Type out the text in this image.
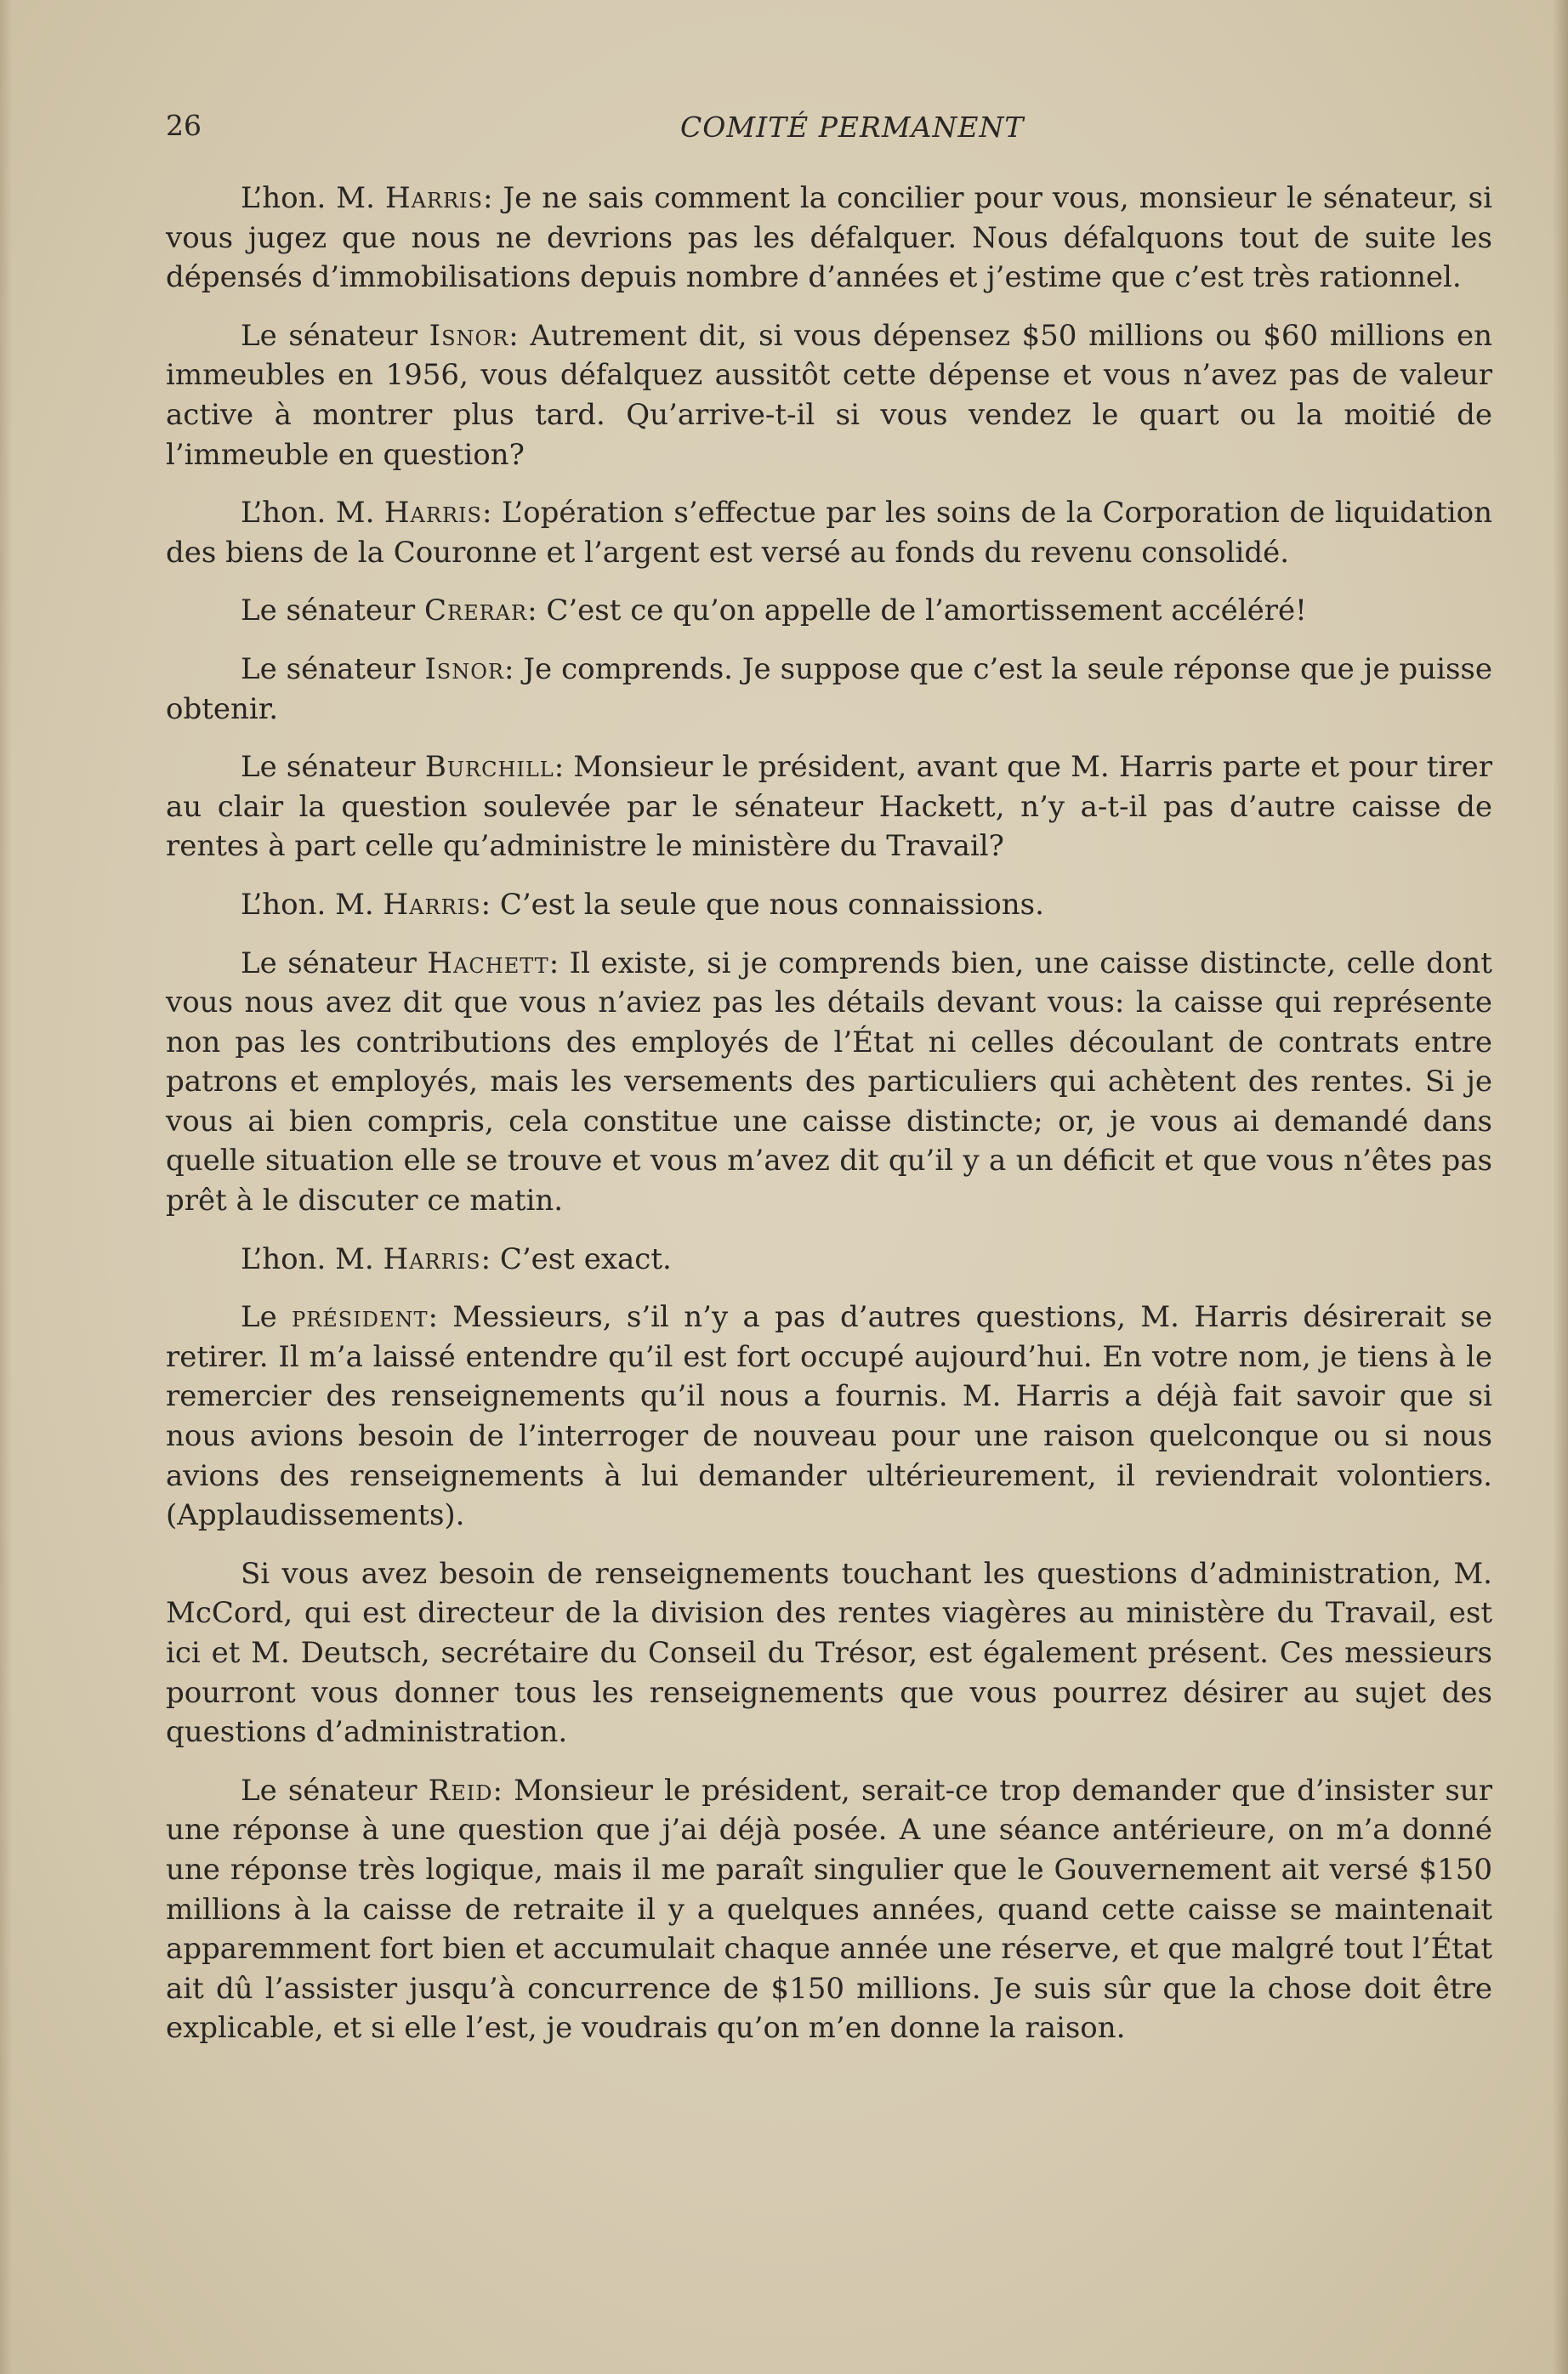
26	COMITÉ PERMANENT

L’hon. M. Harris: Je ne sais comment la concilier pour vous, monsieur le sénateur, si vous jugez que nous ne devrions pas les défalquer. Nous défalquons tout de suite les dépensés d’immobilisations depuis nombre d’années et j’estime que c’est très rationnel.

Le sénateur Isnor: Autrement dit, si vous dépensez $50 millions ou $60 millions en immeubles en 1956, vous défalquez aussitôt cette dépense et vous n’avez pas de valeur active à montrer plus tard. Qu’arrive-t-il si vous vendez le quart ou la moitié de l’immeuble en question?

L’hon. M. Harris: L’opération s’effectue par les soins de la Corporation de liquidation des biens de la Couronne et l’argent est versé au fonds du revenu consolidé.

Le sénateur Crerar: C’est ce qu’on appelle de l’amortissement accéléré!

Le sénateur Isnor: Je comprends. Je suppose que c’est la seule réponse que je puisse obtenir.

Le sénateur Burchill: Monsieur le président, avant que M. Harris parte et pour tirer au clair la question soulevée par le sénateur Hackett, n’y a-t-il pas d’autre caisse de rentes à part celle qu’administre le ministère du Travail?

L’hon. M. Harris: C’est la seule que nous connaissions.

Le sénateur Hachett: Il existe, si je comprends bien, une caisse distincte, celle dont vous nous avez dit que vous n’aviez pas les détails devant vous: la caisse qui représente non pas les contributions des employés de l’État ni celles découlant de contrats entre patrons et employés, mais les versements des particuliers qui achètent des rentes. Si je vous ai bien compris, cela constitue une caisse distincte; or, je vous ai demandé dans quelle situation elle se trouve et vous m’avez dit qu’il y a un déficit et que vous n’êtes pas prêt à le discuter ce matin.

L’hon. M. Harris: C’est exact.

Le président: Messieurs, s’il n’y a pas d’autres questions, M. Harris désirerait se retirer. Il m’a laissé entendre qu’il est fort occupé aujourd’hui. En votre nom, je tiens à le remercier des renseignements qu’il nous a fournis. M. Harris a déjà fait savoir que si nous avions besoin de l’interroger de nouveau pour une raison quelconque ou si nous avions des renseignements à lui demander ultérieurement, il reviendrait volontiers. (Applaudissements).

Si vous avez besoin de renseignements touchant les questions d’administration, M. McCord, qui est directeur de la division des rentes viagères au ministère du Travail, est ici et M. Deutsch, secrétaire du Conseil du Trésor, est également présent. Ces messieurs pourront vous donner tous les renseignements que vous pourrez désirer au sujet des questions d’administration.

Le sénateur Reid: Monsieur le président, serait-ce trop demander que d’insister sur une réponse à une question que j’ai déjà posée. A une séance antérieure, on m’a donné une réponse très logique, mais il me paraît singulier que le Gouvernement ait versé $150 millions à la caisse de retraite il y a quelques années, quand cette caisse se maintenait apparemment fort bien et accumulait chaque année une réserve, et que malgré tout l’État ait dû l’assister jusqu’à concurrence de $150 millions. Je suis sûr que la chose doit être explicable, et si elle l’est, je voudrais qu’on m’en donne la raison.
